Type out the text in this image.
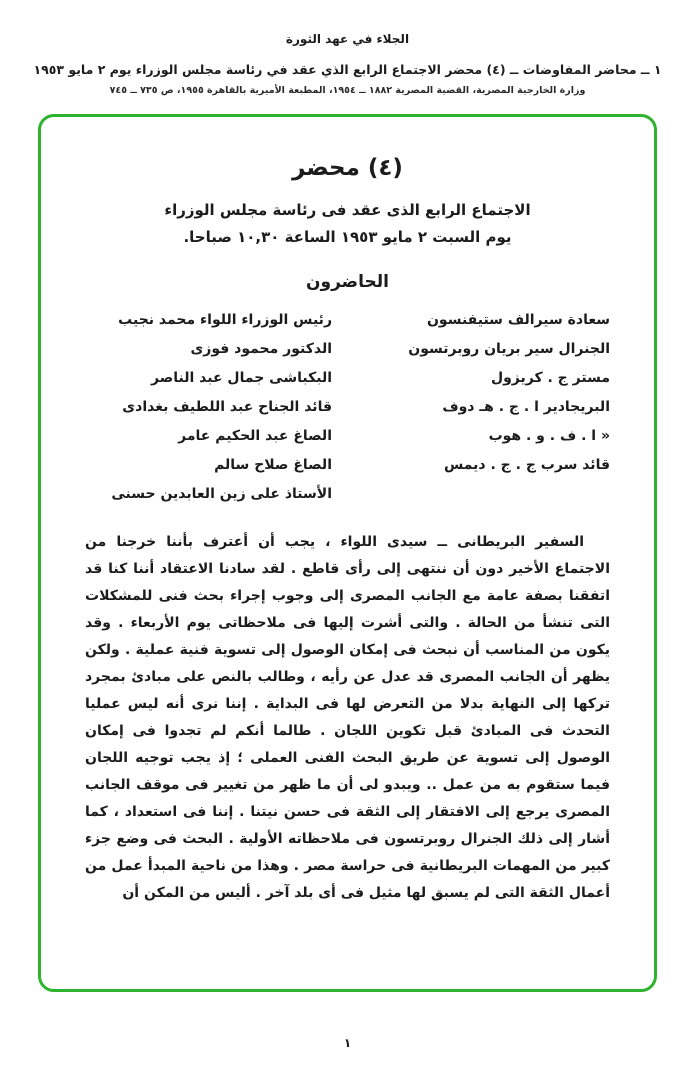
الجلاء في عهد الثورة
١ ــ محاضر المفاوضات ــ (٤) محضر الاجتماع الرابع الذي عقد في رئاسة مجلس الوزراء يوم ٢ مايو ١٩٥٣
وزارة الخارجية المصرية، القضية المصرية ١٨٨٢ ــ ١٩٥٤، المطبعة الأميرية بالقاهرة ١٩٥٥، ص ٧٣٥ ــ ٧٤٥
(٤) محضر
الاجتماع الرابع الذى عقد فى رئاسة مجلس الوزراء
يوم السبت ٢ مايو ١٩٥٣ الساعة ١٠,٣٠ صباحا.
الحاضرون
سعادة سيرالف ستيفنسون
رئيس الوزراء اللواء محمد نجيب
الجنرال سير بريان روبرتسون
الدكتور محمود فوزى
مستر ج . كريزول
البكباشى جمال عبد الناصر
البريجادير ا . ج . هـ دوف
قائد الجناح عبد اللطيف بغدادى
« ا . ف . و . هوب
الصاغ عبد الحكيم عامر
قائد سرب ج . ج . ديمس
الصاغ صلاح سالم
الأستاذ على زين العابدين حسنى
السفير البريطانى ــ سيدى اللواء ، يجب أن أعترف بأننا خرجنا من الاجتماع الأخير دون أن ننتهى إلى رأى قاطع . لقد سادنا الاعتقاد أننا كنا قد اتفقنا بصفة عامة مع الجانب المصرى إلى وجوب إجراء بحث فنى للمشكلات التى تنشأ من الحالة . والتى أشرت إليها فى ملاحظاتى يوم الأربعاء . وقد يكون من المناسب أن نبحث فى إمكان الوصول إلى تسوية فنية عملية . ولكن يظهر أن الجانب المصرى قد عدل عن رأيه ، وطالب بالنص على مبادئ بمجرد تركها إلى النهاية بدلا من التعرض لها فى البداية . إننا نرى أنه ليس عمليا التحدث فى المبادئ قبل تكوين اللجان . طالما أنكم لم تجدوا فى إمكان الوصول إلى تسوية عن طريق البحث الفنى العملى ؛ إذ يجب توجيه اللجان فيما ستقوم به من عمل .. ويبدو لى أن ما ظهر من تغيير فى موقف الجانب المصرى يرجع إلى الافتقار إلى الثقة فى حسن نيتنا . إننا فى استعداد ، كما أشار إلى ذلك الجنرال روبرتسون فى ملاحظاته الأولية . البحث فى وضع جزء كبير من المهمات البريطانية فى حراسة مصر . وهذا من ناحية المبدأ عمل من أعمال الثقة التى لم يسبق لها مثيل فى أى بلد آخر . أليس من المكن أن
١
